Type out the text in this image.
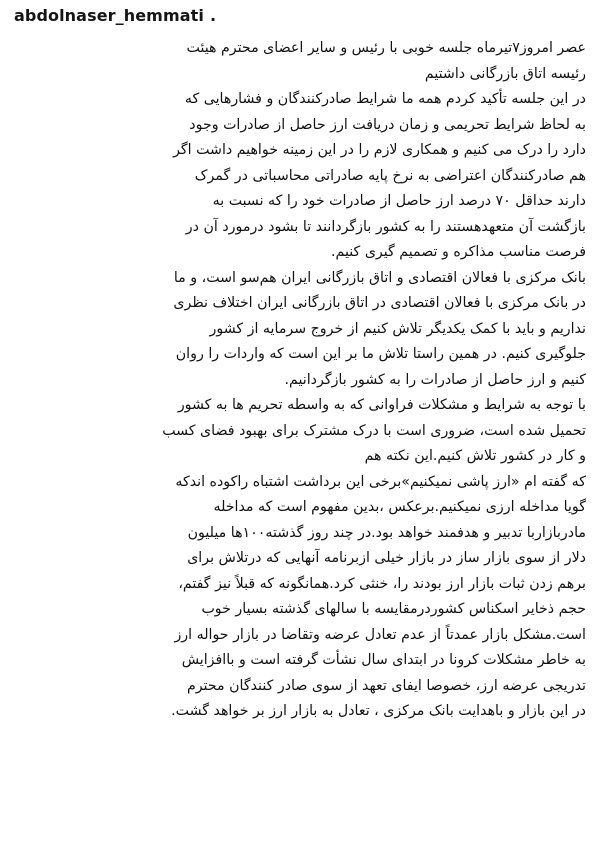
abdolnaser_hemmati .
عصر امروز۷تیرماه جلسه خوبی با رئیس و سایر اعضای محترم هیئت
رئیسه اتاق بازرگانی داشتیم
در این جلسه تأکید کردم همه ما شرایط صادرکنندگان و فشارهایی که
به لحاظ شرایط تحریمی و زمان دریافت ارز حاصل از صادرات وجود
دارد را درک می کنیم و همکاری لازم را در این زمینه خواهیم داشت اگر
هم صادرکنندگان اعتراضی به نرخ پایه صادراتی محاسباتی در گمرک
دارند حداقل ۷۰ درصد ارز حاصل از صادرات خود را که نسبت به
بازگشت آن متعهدهستند را به کشور بازگردانند تا بشود درمورد آن در
فرصت مناسب مذاکره و تصمیم گیری کنیم.
بانک مرکزی با فعالان اقتصادی و اتاق بازرگانی ایران هم‌سو است، و ما
در بانک مرکزی با فعالان اقتصادی در اتاق بازرگانی ایران اختلاف نظری
نداریم و باید با کمک یکدیگر تلاش کنیم از خروج سرمایه از کشور
جلوگیری کنیم. در همین راستا تلاش ما بر این است که واردات را روان
کنیم و ارز حاصل از صادرات را به کشور بازگردانیم.
با توجه به شرایط و مشکلات فراوانی که به واسطه تحریم ها به کشور
تحمیل شده است، ضروری است با درک مشترک برای بهبود فضای کسب
و کار در کشور تلاش کنیم.این نکته هم
که گفته ام «ارز پاشی نمیکنیم»برخی این برداشت اشتباه راکوده اندکه
گویا مداخله ارزی نمیکنیم.برعکس ،بدین مفهوم است که مداخله
مادربازاربا تدبیر و هدفمند خواهد بود.در چند روز گذشته۱۰۰ها میلیون
دلار از سوی بازار ساز در بازار خیلی ازبرنامه آنهایی که درتلاش برای
برهم زدن ثبات بازار ارز بودند را، خنثی کرد.همانگونه که قبلاً نیز گفتم،
حجم ذخایر اسکناس کشوردرمقایسه با سالهای گذشته بسیار خوب
است.مشکل بازار عمدتاً از عدم تعادل عرضه وتقاضا در بازار حواله ارز
به خاطر مشکلات کرونا در ابتدای سال نشأت گرفته است و باافزایش
تدریجی عرضه ارز، خصوصا ایفای تعهد از سوی صادر کنندگان محترم
در این بازار و باهدایت بانک مرکزی ، تعادل به بازار ارز بر خواهد گشت.
